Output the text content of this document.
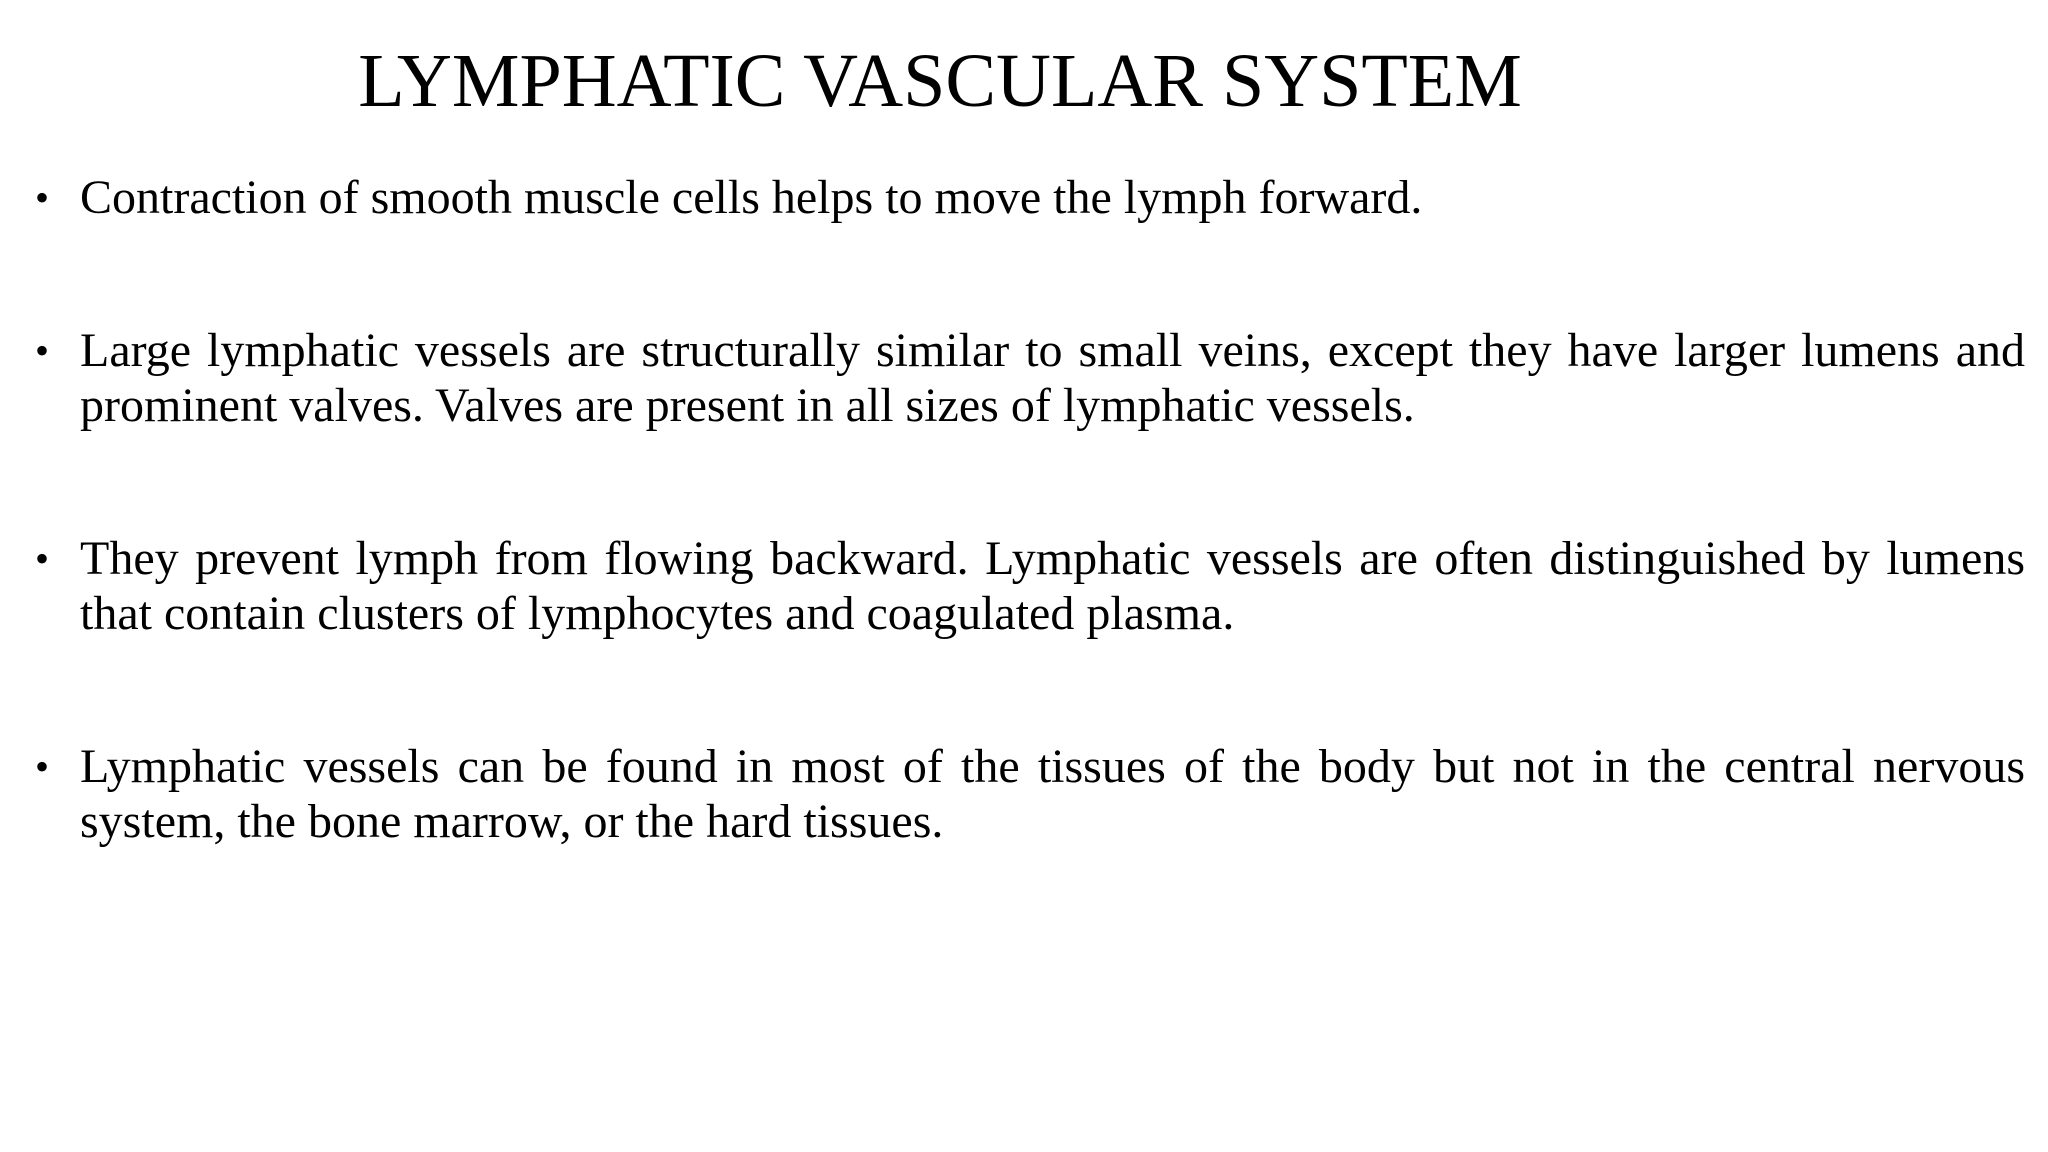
LYMPHATIC VASCULAR SYSTEM
• Contraction of smooth muscle cells helps to move the lymph forward.
• Large lymphatic vessels are structurally similar to small veins, except they have larger lumens and prominent valves. Valves are present in all sizes of lymphatic vessels.
• They prevent lymph from flowing backward. Lymphatic vessels are often distinguished by lumens that contain clusters of lymphocytes and coagulated plasma.
• Lymphatic vessels can be found in most of the tissues of the body but not in the central nervous system, the bone marrow, or the hard tissues.
